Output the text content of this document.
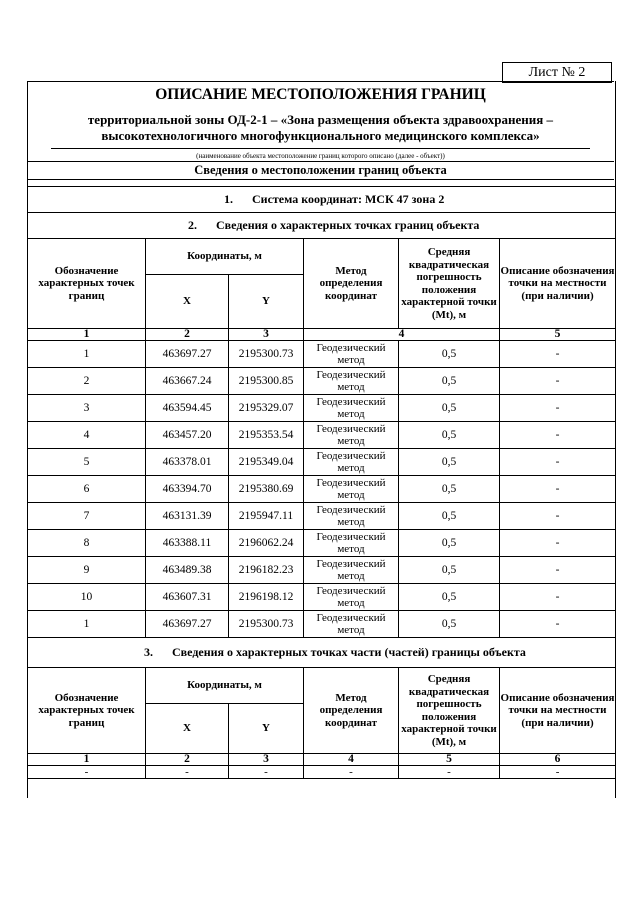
Лист № 2
ОПИСАНИЕ МЕСТОПОЛОЖЕНИЯ ГРАНИЦ
территориальной зоны ОД-2-1 – «Зона размещения объекта здравоохранения –
высокотехнологичного многофункционального медицинского комплекса»
(наименование объекта местоположение границ которого описано (далее - объект))
Сведения о местоположении границ объекта
1. Система координат: МСК 47 зона 2					
2. Сведения о характерных точках границ объекта					
Обозначение характерных точек границ	Координаты, м		Метод определения координат	Средняя квадратическая погрешность положения характерной точки (Mt), м	Описание обозначения точки на местности (при наличии)
	X	Y			
1	2	3	4		5
1	463697.27	2195300.73	Геодезический метод	0,5	-
2	463667.24	2195300.85	Геодезический метод	0,5	-
3	463594.45	2195329.07	Геодезический метод	0,5	-
4	463457.20	2195353.54	Геодезический метод	0,5	-
5	463378.01	2195349.04	Геодезический метод	0,5	-
6	463394.70	2195380.69	Геодезический метод	0,5	-
7	463131.39	2195947.11	Геодезический метод	0,5	-
8	463388.11	2196062.24	Геодезический метод	0,5	-
9	463489.38	2196182.23	Геодезический метод	0,5	-
10	463607.31	2196198.12	Геодезический метод	0,5	-
1	463697.27	2195300.73	Геодезический метод	0,5	-
3. Сведения о характерных точках части (частей) границы объекта					
Обозначение характерных точек границ	Координаты, м		Метод определения координат	Средняя квадратическая погрешность положения характерной точки (Mt), м	Описание обозначения точки на местности (при наличии)
	X	Y			
1	2	3	4	5	6
-	-	-	-	-	-
